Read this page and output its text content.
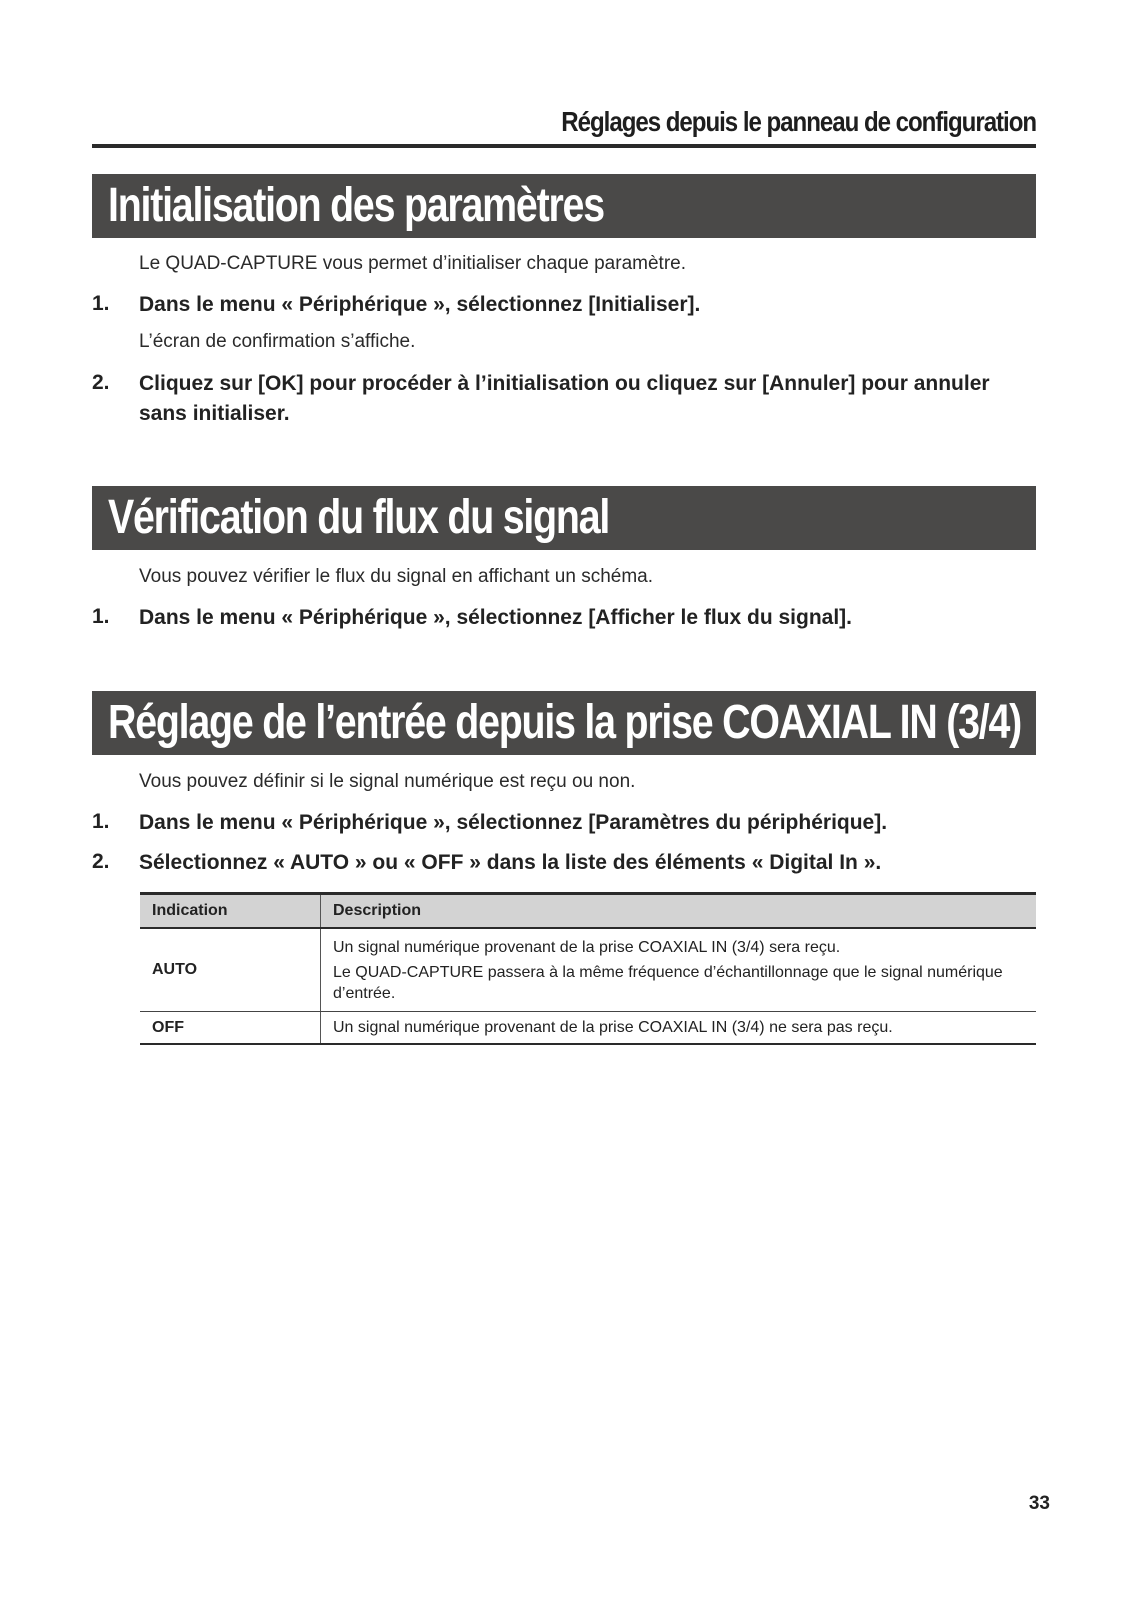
Réglages depuis le panneau de configuration
Initialisation des paramètres
Le QUAD-CAPTURE vous permet d’initialiser chaque paramètre.
1. Dans le menu « Périphérique », sélectionnez [Initialiser].
L’écran de confirmation s’affiche.
2. Cliquez sur [OK] pour procéder à l’initialisation ou cliquez sur [Annuler] pour annuler sans initialiser.
Vérification du flux du signal
Vous pouvez vérifier le flux du signal en affichant un schéma.
1. Dans le menu « Périphérique », sélectionnez [Afficher le flux du signal].
Réglage de l’entrée depuis la prise COAXIAL IN (3/4)
Vous pouvez définir si le signal numérique est reçu ou non.
1. Dans le menu « Périphérique », sélectionnez [Paramètres du périphérique].
2. Sélectionnez « AUTO » ou « OFF » dans la liste des éléments « Digital In ».
Indication	Description
AUTO	Un signal numérique provenant de la prise COAXIAL IN (3/4) sera reçu.
Le QUAD-CAPTURE passera à la même fréquence d’échantillonnage que le signal numérique d’entrée.

OFF	Un signal numérique provenant de la prise COAXIAL IN (3/4) ne sera pas reçu.
33
